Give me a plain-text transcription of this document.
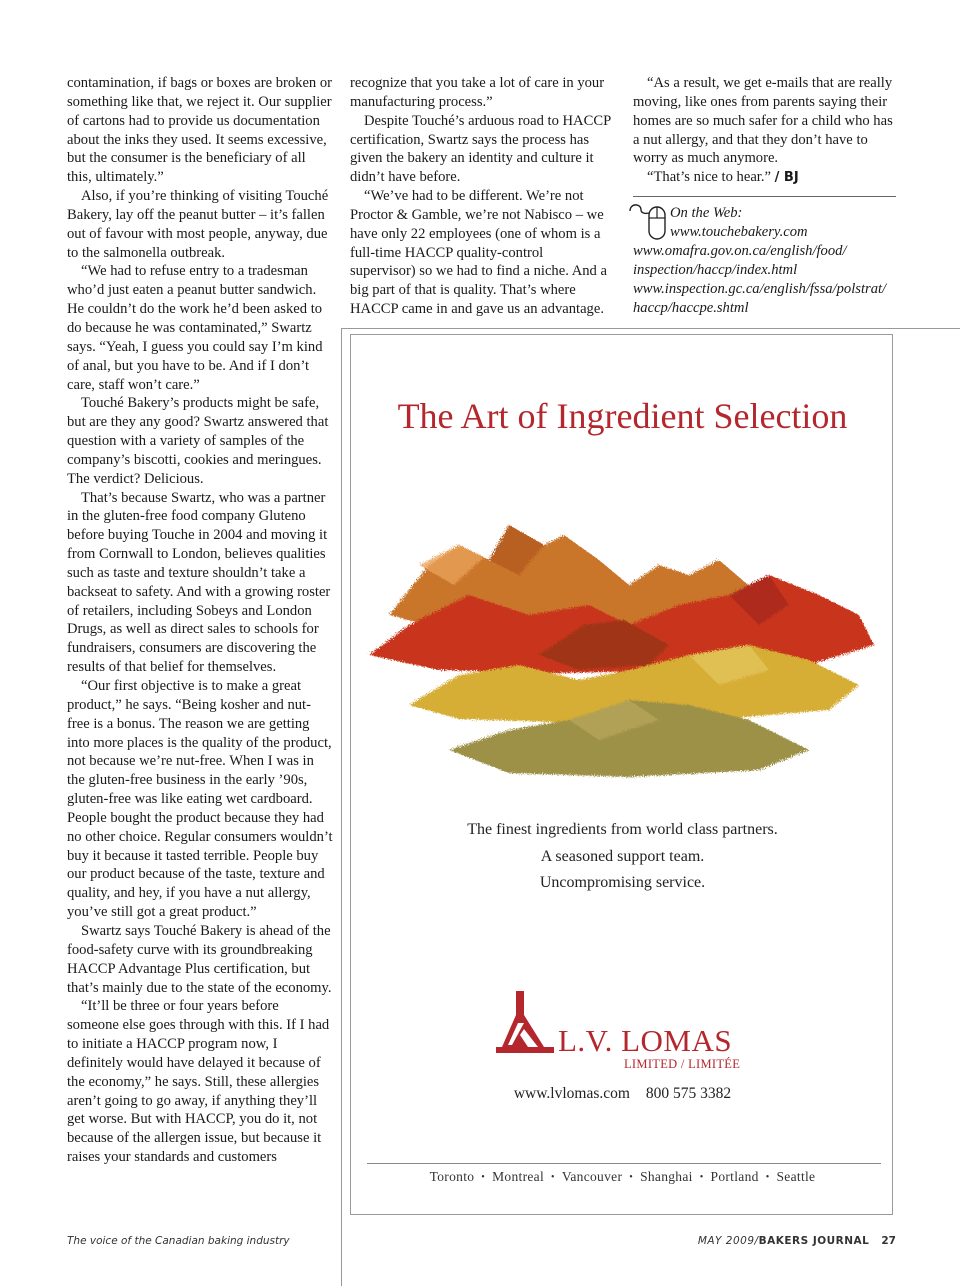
contamination, if bags or boxes are broken or something like that, we reject it. Our supplier of cartons had to provide us documentation about the inks they used. It seems excessive, but the consumer is the beneficiary of all this, ultimately.”

Also, if you’re thinking of visiting Touché Bakery, lay off the peanut butter – it’s fallen out of favour with most people, anyway, due to the salmonella outbreak.

“We had to refuse entry to a tradesman who’d just eaten a peanut butter sandwich. He couldn’t do the work he’d been asked to do because he was contaminated,” Swartz says. “Yeah, I guess you could say I’m kind of anal, but you have to be. And if I don’t care, staff won’t care.”

Touché Bakery’s products might be safe, but are they any good? Swartz answered that question with a variety of samples of the company’s biscotti, cookies and meringues. The verdict? Delicious.

That’s because Swartz, who was a partner in the gluten-free food company Gluteno before buying Touche in 2004 and moving it from Cornwall to London, believes qualities such as taste and texture shouldn’t take a backseat to safety. And with a growing roster of retailers, including Sobeys and London Drugs, as well as direct sales to schools for fundraisers, consumers are discovering the results of that belief for themselves.

“Our first objective is to make a great product,” he says. “Being kosher and nut-free is a bonus. The reason we are getting into more places is the quality of the product, not because we’re nut-free. When I was in the gluten-free business in the early ’90s, gluten-free was like eating wet cardboard. People bought the product because they had no other choice. Regular consumers wouldn’t buy it because it tasted terrible. People buy our product because of the taste, texture and quality, and hey, if you have a nut allergy, you’ve still got a great product.”

Swartz says Touché Bakery is ahead of the food-safety curve with its groundbreaking HACCP Advantage Plus certification, but that’s mainly due to the state of the economy.

“It’ll be three or four years before someone else goes through with this. If I had to initiate a HACCP program now, I definitely would have delayed it because of the economy,” he says. Still, these allergies aren’t going to go away, if anything they’ll get worse. But with HACCP, you do it, not because of the allergen issue, but because it raises your standards and customers

recognize that you take a lot of care in your manufacturing process.”

Despite Touché’s arduous road to HACCP certification, Swartz says the process has given the bakery an identity and culture it didn’t have before.

“We’ve had to be different. We’re not Proctor & Gamble, we’re not Nabisco – we have only 22 employees (one of whom is a full-time HACCP quality-control supervisor) so we had to find a niche. And a big part of that is quality. That’s where HACCP came in and gave us an advantage.

“As a result, we get e-mails that are really moving, like ones from parents saying their homes are so much safer for a child who has a nut allergy, and that they don’t have to worry as much anymore.

“That’s nice to hear.” / BJ

On the Web:
www.touchebakery.com
www.omafra.gov.on.ca/english/food/
inspection/haccp/index.html
www.inspection.gc.ca/english/fssa/polstrat/
haccp/haccpe.shtml
The Art of Ingredient Selection
The finest ingredients from world class partners.
A seasoned support team.
Uncompromising service.
L.V. LOMAS
LIMITED / LIMITÉE
www.lvlomas.com 800 575 3382
Toronto • Montreal • Vancouver • Shanghai • Portland • Seattle
The voice of the Canadian baking industry	MAY 2009/BAKERS JOURNAL 27
